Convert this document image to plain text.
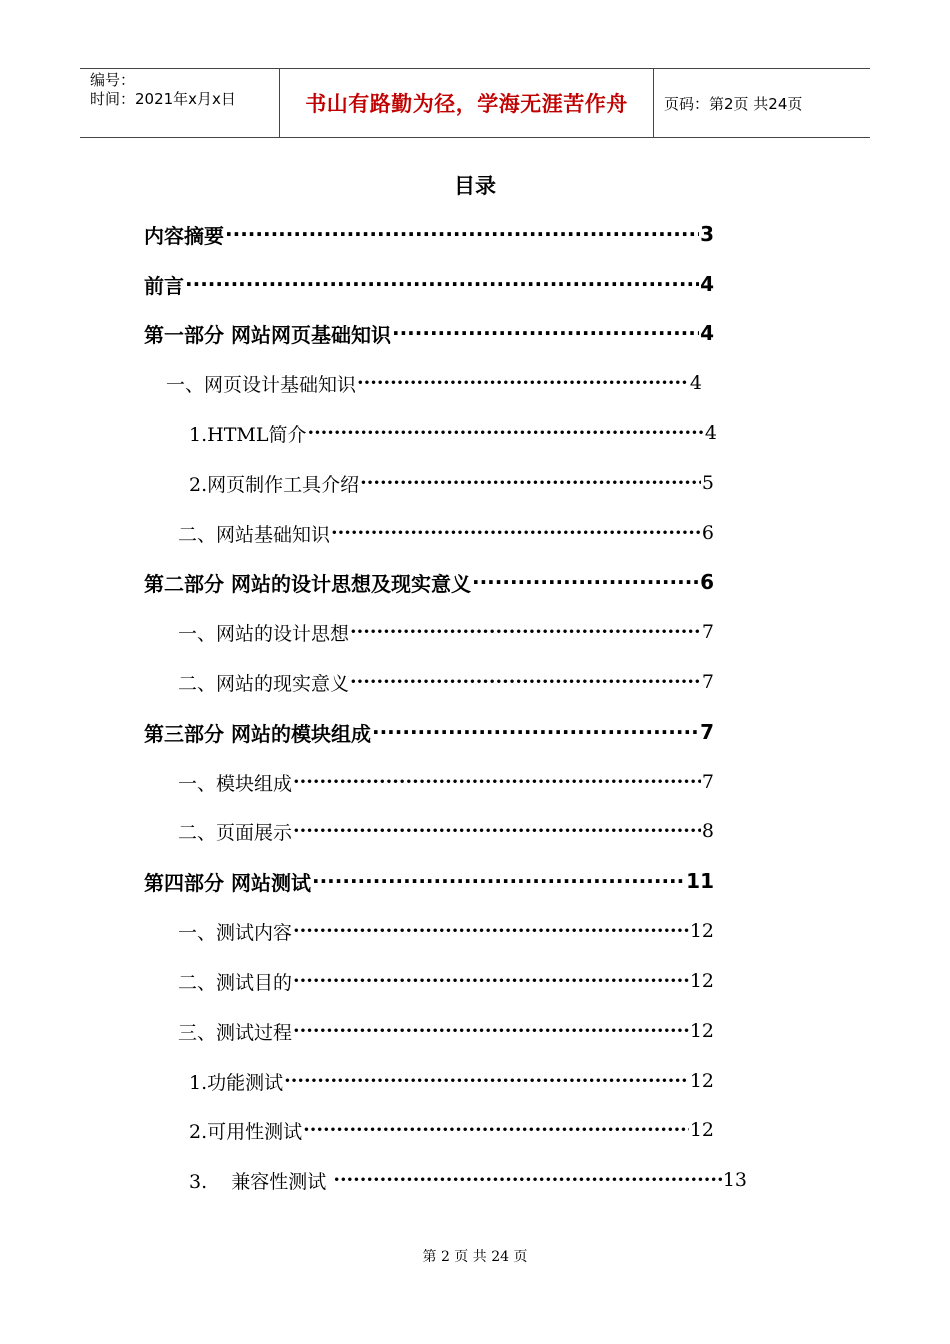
编号：
时间：2021年x月x日	书山有路勤为径，学海无涯苦作舟	页码：第2页 共24页
目录
内容摘要 ·····	3
前言 ·····	4
第一部分 网站网页基础知识 ·····	4
一、网页设计基础知识 ·····	4
1.HTML简介 ·····	4
2.网页制作工具介绍 ·····	5
二、网站基础知识 ·····	6
第二部分 网站的设计思想及现实意义 ·····	6
一、网站的设计思想 ·····	7
二、网站的现实意义 ·····	7
第三部分 网站的模块组成 ·····	7
一、模块组成 ·····	7
二、页面展示 ·····	8
第四部分 网站测试 ·····	11
一、测试内容 ·····	12
二、测试目的 ·····	12
三、测试过程 ·····	12
1.功能测试 ·····	12
2.可用性测试 ·····	12
3.    兼容性测试 ·····	13
第 2 页 共 24 页
